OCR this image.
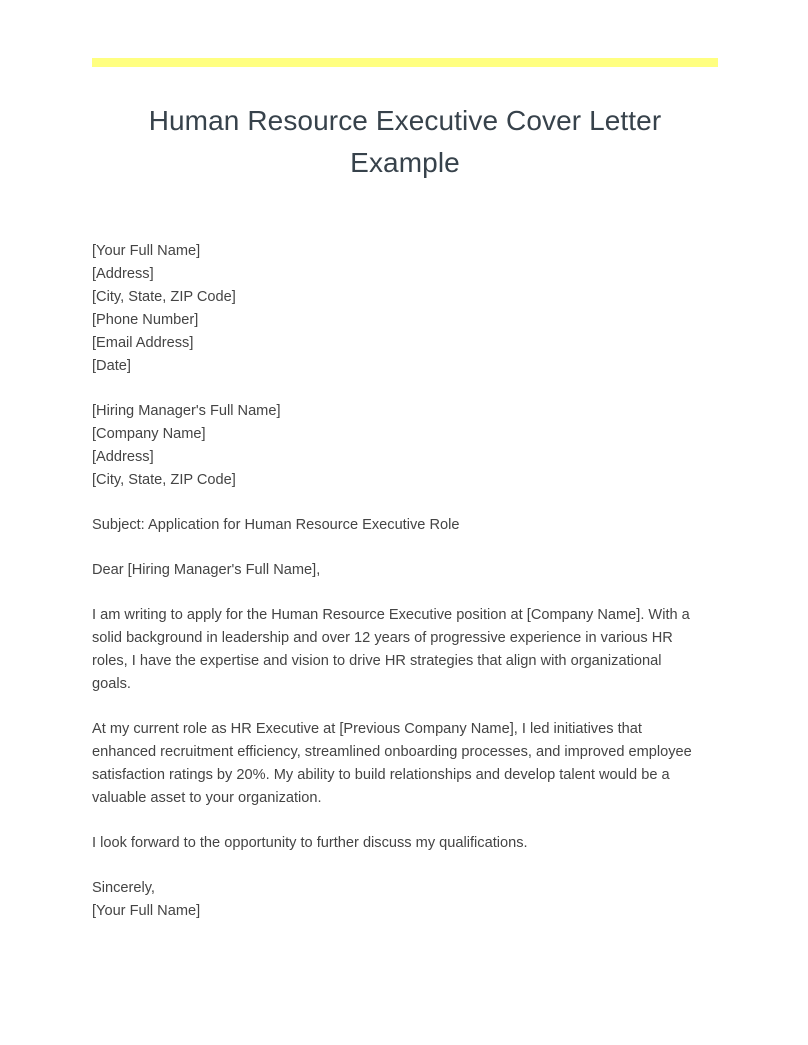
Human Resource Executive Cover Letter Example
[Your Full Name]
[Address]
[City, State, ZIP Code]
[Phone Number]
[Email Address]
[Date]
[Hiring Manager's Full Name]
[Company Name]
[Address]
[City, State, ZIP Code]

Subject: Application for Human Resource Executive Role

Dear [Hiring Manager's Full Name],

I am writing to apply for the Human Resource Executive position at [Company Name]. With a solid background in leadership and over 12 years of progressive experience in various HR roles, I have the expertise and vision to drive HR strategies that align with organizational goals.

At my current role as HR Executive at [Previous Company Name], I led initiatives that enhanced recruitment efficiency, streamlined onboarding processes, and improved employee satisfaction ratings by 20%. My ability to build relationships and develop talent would be a valuable asset to your organization.

I look forward to the opportunity to further discuss my qualifications.

Sincerely,
[Your Full Name]
